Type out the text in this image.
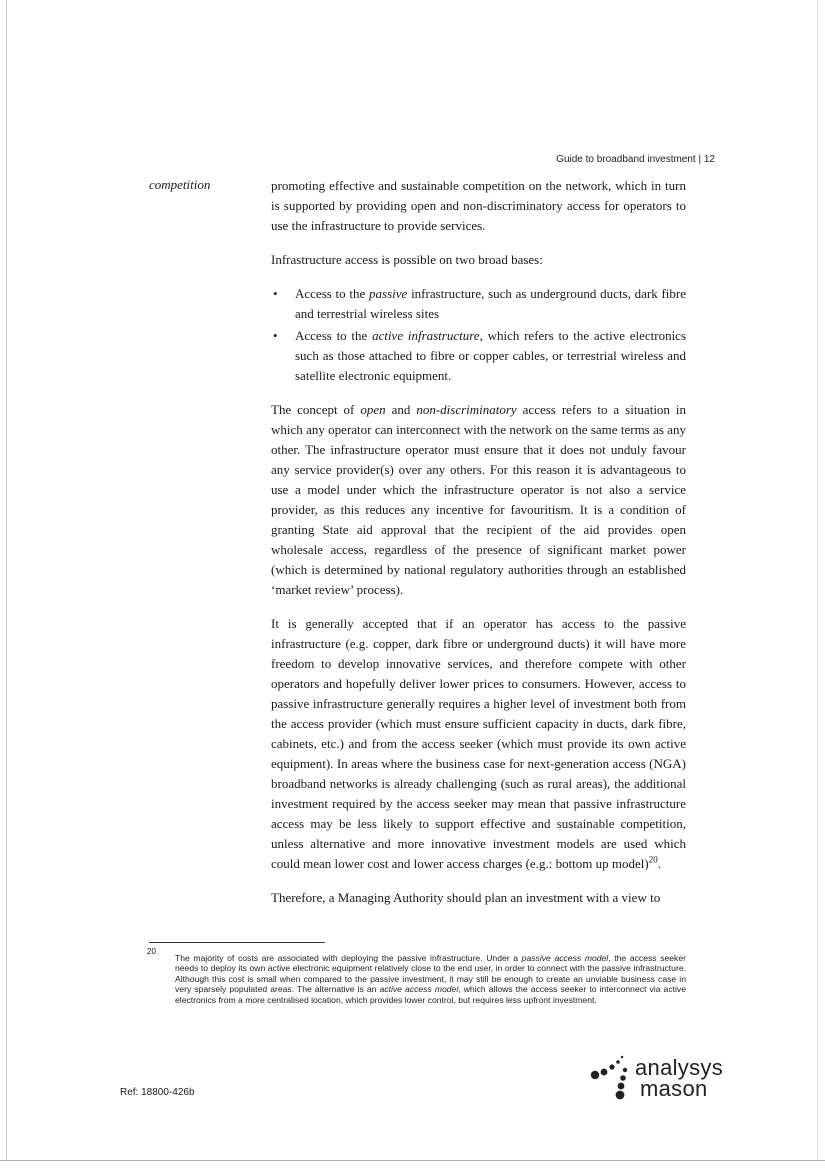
Guide to broadband investment | 12
competition	promoting effective and sustainable competition on the network, which in turn is supported by providing open and non-discriminatory access for operators to use the infrastructure to provide services.

Infrastructure access is possible on two broad bases:

• Access to the passive infrastructure, such as underground ducts, dark fibre and terrestrial wireless sites
• Access to the active infrastructure, which refers to the active electronics such as those attached to fibre or copper cables, or terrestrial wireless and satellite electronic equipment.

The concept of open and non-discriminatory access refers to a situation in which any operator can interconnect with the network on the same terms as any other. The infrastructure operator must ensure that it does not unduly favour any service provider(s) over any others. For this reason it is advantageous to use a model under which the infrastructure operator is not also a service provider, as this reduces any incentive for favouritism. It is a condition of granting State aid approval that the recipient of the aid provides open wholesale access, regardless of the presence of significant market power (which is determined by national regulatory authorities through an established ‘market review’ process).

It is generally accepted that if an operator has access to the passive infrastructure (e.g. copper, dark fibre or underground ducts) it will have more freedom to develop innovative services, and therefore compete with other operators and hopefully deliver lower prices to consumers. However, access to passive infrastructure generally requires a higher level of investment both from the access provider (which must ensure sufficient capacity in ducts, dark fibre, cabinets, etc.) and from the access seeker (which must provide its own active equipment). In areas where the business case for next-generation access (NGA) broadband networks is already challenging (such as rural areas), the additional investment required by the access seeker may mean that passive infrastructure access may be less likely to support effective and sustainable competition, unless alternative and more innovative investment models are used which could mean lower cost and lower access charges (e.g.: bottom up model)$^{20}$.

Therefore, a Managing Authority should plan an investment with a view to

20
The majority of costs are associated with deploying the passive infrastructure. Under a passive access model, the access seeker needs to deploy its own active electronic equipment relatively close to the end user, in order to connect with the passive infrastructure. Although this cost is small when compared to the passive investment, it may still be enough to create an unviable business case in very sparsely populated areas. The alternative is an active access model, which allows the access seeker to interconnect via active electronics from a more centralised location, which provides lower control, but requires less upfront investment.
Ref: 18800-426b
analysys
mason
